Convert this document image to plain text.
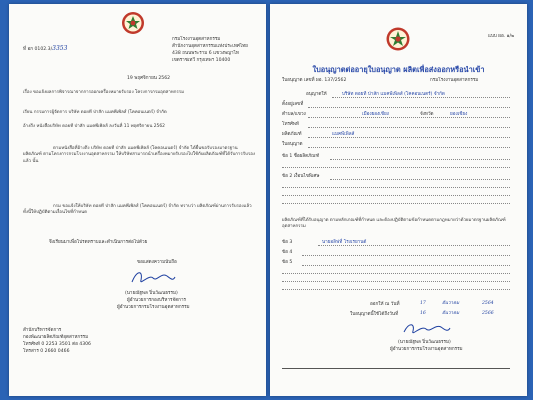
ที่ อก 0102.3/3353
กรมโรงงานอุตสาหกรรม
สำนักงานอุตสาหกรรมแห่งประเทศไทย
438 ถนนพระราม 6 แขวงพญาไท
เขตราชเทวี กรุงเทพฯ 10400
19 พฤศจิกายน 2562
เรื่อง ขอแจ้งผลการพิจารณาจากการออกเครื่องหมายรับรอง โครงการกรมอุตสาหกรรม
เรียน กรรมการผู้จัดการ บริษัท ดอยที ป่าสัก แมคพีเพิลส์ (โคคอนเนตร์) จำกัด
อ้างถึง หนังสือบริษัท ดอยที ป่าสัก แมคพีเพิลส์ ลงวันที่ 11 พฤศจิกายน 2562
ตามหนังสือที่อ้างถึง บริษัท ดอยที ป่าสัก แมคพีเพิลส์ (โคคอนเนตร์) จำกัด ได้ยื่นขอรับรองมาตรฐานผลิตภัณฑ์ ตามโครงการกรมโรงงานอุตสาหกรรม ให้บริษัทสามารถนำเครื่องหมายรับรองไปใช้กับผลิตภัณฑ์ที่ได้รับการรับรองแล้ว นั้น
กรม ขอแจ้งให้บริษัท ดอยที ป่าสัก แมคพีเพิลส์ (โคคอนเนตร์) จำกัด ทราบว่า ผลิตภัณฑ์ผ่านการรับรองแล้ว ทั้งนี้ให้ปฏิบัติตามเงื่อนไขที่กำหนด
จึงเรียนมาเพื่อโปรดทราบและดำเนินการต่อไปด้วย
ขอแสดงความนับถือ
(นายณัฐพล ปิ่นวัฒนธรรม)
ผู้อำนวยการกองบริหารจัดการ
ผู้อำนวยการกรมโรงงานอุตสาหกรรม
สำนักบริหารจัดการ
กองพัฒนาผลิตภัณฑ์อุตสาหกรรม
โทรศัพท์ 0 2253 3501 ต่อ 4306
โทรสาร 0 2660 0466
แบบ ผอ. ๑/๒
ใบอนุญาตต่ออายุใบอนุญาต ผลิตเพื่อส่งออกหรือนำเข้า
ใบอนุญาต เลขที่ ผอ. 137/2562	กรมโรงงานอุตสาหกรรม
อนุญาตให้	บริษัท ดอยที ป่าสัก แมคพีเพิลส์ (โคคอนเนตร์) จำกัด
ตั้งอยู่เลขที่
ตำบล/แขวง	เมืองยองเชียง	จังหวัด	ยองเชียง
โทรศัพท์
ผลิตภัณฑ์	แมคพีเพิลส์
ใบอนุญาต
ข้อ 1 ชื่อผลิตภัณฑ์
ข้อ 2 เงื่อนไขพิเศษ
ผลิตภัณฑ์ที่ได้รับอนุญาต ตามหลักเกณฑ์ที่กำหนด และต้องปฏิบัติตามข้อกำหนดตามกฎหมายว่าด้วยมาตรฐานผลิตภัณฑ์อุตสาหกรรม
ข้อ 3	นายอลิฟที่ โรงเรยานต์
ข้อ 4
ข้อ 5
ออกให้ ณ วันที่	17	ธันวาคม	2564
ใบอนุญาตนี้ใช้ได้ถึงวันที่	16	ธันวาคม	2566
(นายณัฐพล ปิ่นวัฒนธรรม)
ผู้อำนวยการกรมโรงงานอุตสาหกรรม
